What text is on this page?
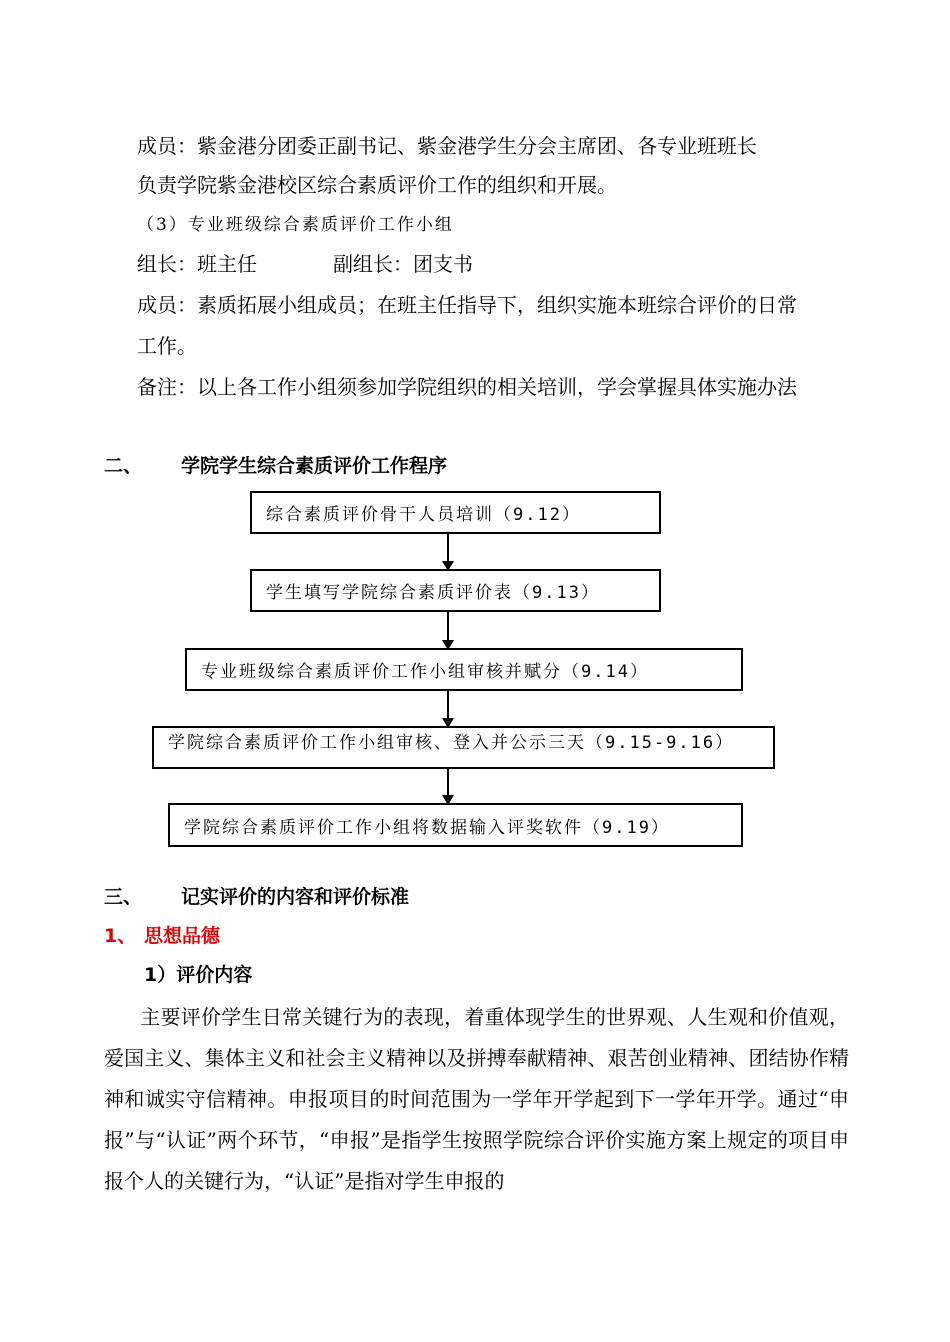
成员：紫金港分团委正副书记、紫金港学生分会主席团、各专业班班长
负责学院紫金港校区综合素质评价工作的组织和开展。
（3）专业班级综合素质评价工作小组
组长：班主任	副组长：团支书
成员：素质拓展小组成员；在班主任指导下，组织实施本班综合评价的日常
工作。
备注：以上各工作小组须参加学院组织的相关培训，学会掌握具体实施办法
二、 学院学生综合素质评价工作程序
综合素质评价骨干人员培训（9.12）
学生填写学院综合素质评价表（9.13）
专业班级综合素质评价工作小组审核并赋分（9.14）
学院综合素质评价工作小组审核、登入并公示三天（9.15-9.16）
学院综合素质评价工作小组将数据输入评奖软件（9.19）
三、 记实评价的内容和评价标准
1、 思想品德
1）评价内容
主要评价学生日常关键行为的表现，着重体现学生的世界观、人生观和价值观，爱国主义、集体主义和社会主义精神以及拼搏奉献精神、艰苦创业精神、团结协作精神和诚实守信精神。申报项目的时间范围为一学年开学起到下一学年开学。通过“申报”与“认证”两个环节，“申报”是指学生按照学院综合评价实施方案上规定的项目申报个人的关键行为，“认证”是指对学生申报的
